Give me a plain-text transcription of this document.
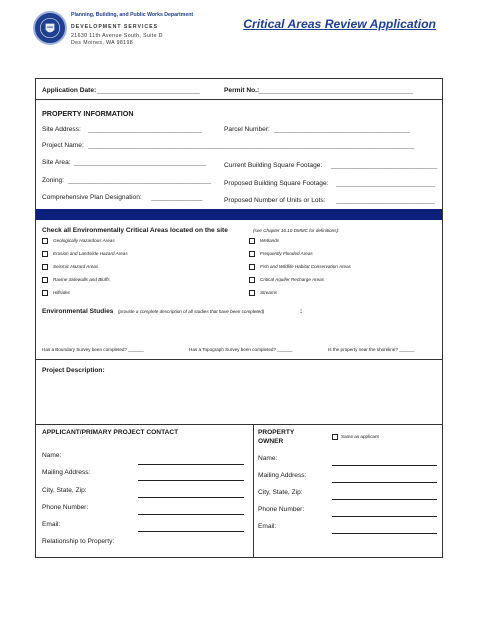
Planning, Building, and Public Works Department
DEVELOPMENT SERVICES
21630 11th Avenue South, Suite D
Des Moines, WA 98198
Critical Areas Review Application
Application Date: ____________________________	Permit No.: __________________________________________
PROPERTY INFORMATION
Site Address: _______________________________	Parcel Number: _____________________________________
Project Name: _________________________________________________________________________________________
Site Area: ____________________________________	Current Building Square Footage: _____________________________
Zoning: _______________________________________ Proposed Building Square Footage: ___________________________
Comprehensive Plan Designation: ______________	Proposed Number of Units or Lots: ___________________________
Check all Environmentally Critical Areas located on the site	(see Chapter 16.10 DMMC for definitions):
Geologically Hazardous Areas
Erosion and Landslide Hazard Areas
Seismic Hazard Areas
Ravine Sidewalls and Bluffs
Hillsides
Wetlands
Frequently Flooded Areas
Fish and Wildlife Habitat Conservation Areas
Critical Aquifer Recharge Areas
Streams
Environmental Studies (provide a complete description of all studies that have been completed)	:
Has a Boundary Survey been completed? ______	Has a Topograph Survey been completed? ______	Is the property near the shoreline? ______
Project Description:
APPLICANT/PRIMARY PROJECT CONTACT
Name:
Mailing Address:
City, State, Zip:
Phone Number:
Email:
Relationship to Property:
PROPERTY
OWNER
Same as applicant
Name:
Mailing Address:
City, State, Zip:
Phone Number:
Email:
